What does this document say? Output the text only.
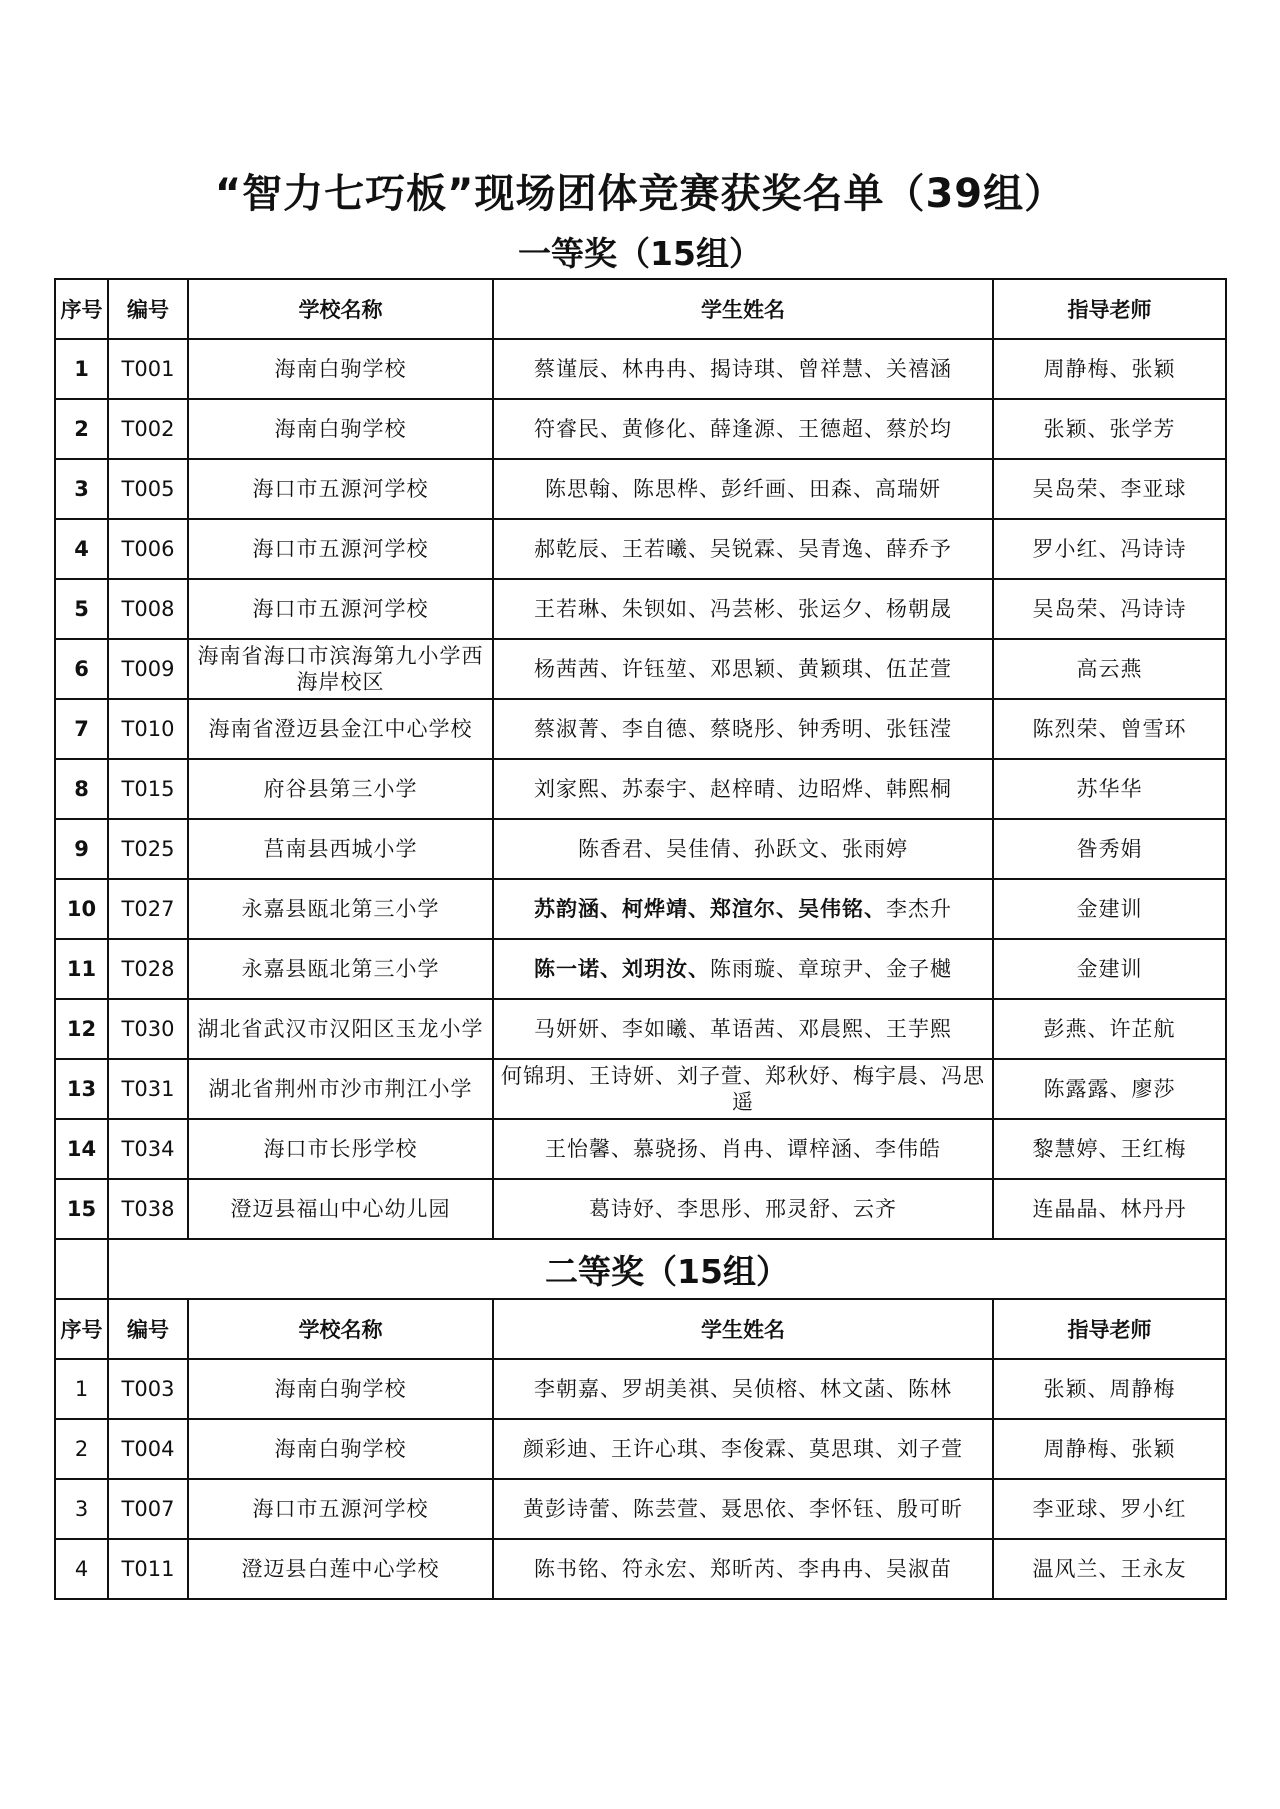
“智力七巧板”现场团体竞赛获奖名单（39组）
一等奖（15组）
序号	编号	学校名称	学生姓名	指导老师
1	T001	海南白驹学校	蔡谨辰、林冉冉、揭诗琪、曾祥慧、关禧涵	周静梅、张颖
2	T002	海南白驹学校	符睿民、黄修化、薛逢源、王德超、蔡於均	张颖、张学芳
3	T005	海口市五源河学校	陈思翰、陈思桦、彭纤画、田森、高瑞妍	吴岛荣、李亚球
4	T006	海口市五源河学校	郝乾辰、王若曦、吴锐霖、吴青逸、薛乔予	罗小红、冯诗诗
5	T008	海口市五源河学校	王若琳、朱钡如、冯芸彬、张运夕、杨朝晟	吴岛荣、冯诗诗
6	T009	海南省海口市滨海第九小学西海岸校区	杨茜茜、许钰堃、邓思颖、黄颖琪、伍芷萱	高云燕
7	T010	海南省澄迈县金江中心学校	蔡淑菁、李自德、蔡晓彤、钟秀明、张钰滢	陈烈荣、曾雪环
8	T015	府谷县第三小学	刘家熙、苏泰宇、赵梓晴、边昭烨、韩熙桐	苏华华
9	T025	莒南县西城小学	陈香君、吴佳倩、孙跃文、张雨婷	昝秀娟
10	T027	永嘉县瓯北第三小学	苏韵涵、柯烨靖、郑渲尔、吴伟铭、李杰升	金建训
11	T028	永嘉县瓯北第三小学	陈一诺、刘玥汝、陈雨璇、章琼尹、金子樾	金建训
12	T030	湖北省武汉市汉阳区玉龙小学	马妍妍、李如曦、革语茜、邓晨熙、王芋熙	彭燕、许芷航
13	T031	湖北省荆州市沙市荆江小学	何锦玥、王诗妍、刘子萱、郑秋妤、梅宇晨、冯思遥	陈露露、廖莎
14	T034	海口市长彤学校	王怡馨、慕骁扬、肖冉、谭梓涵、李伟皓	黎慧婷、王红梅
15	T038	澄迈县福山中心幼儿园	葛诗妤、李思彤、邢灵舒、云齐	连晶晶、林丹丹
	二等奖（15组）			
序号	编号	学校名称	学生姓名	指导老师
1	T003	海南白驹学校	李朝嘉、罗胡美祺、吴侦榕、林文菡、陈林	张颖、周静梅
2	T004	海南白驹学校	颜彩迪、王许心琪、李俊霖、莫思琪、刘子萱	周静梅、张颖
3	T007	海口市五源河学校	黄彭诗蕾、陈芸萱、聂思依、李怀钰、殷可昕	李亚球、罗小红
4	T011	澄迈县白莲中心学校	陈书铭、符永宏、郑昕芮、李冉冉、吴淑苗	温风兰、王永友
